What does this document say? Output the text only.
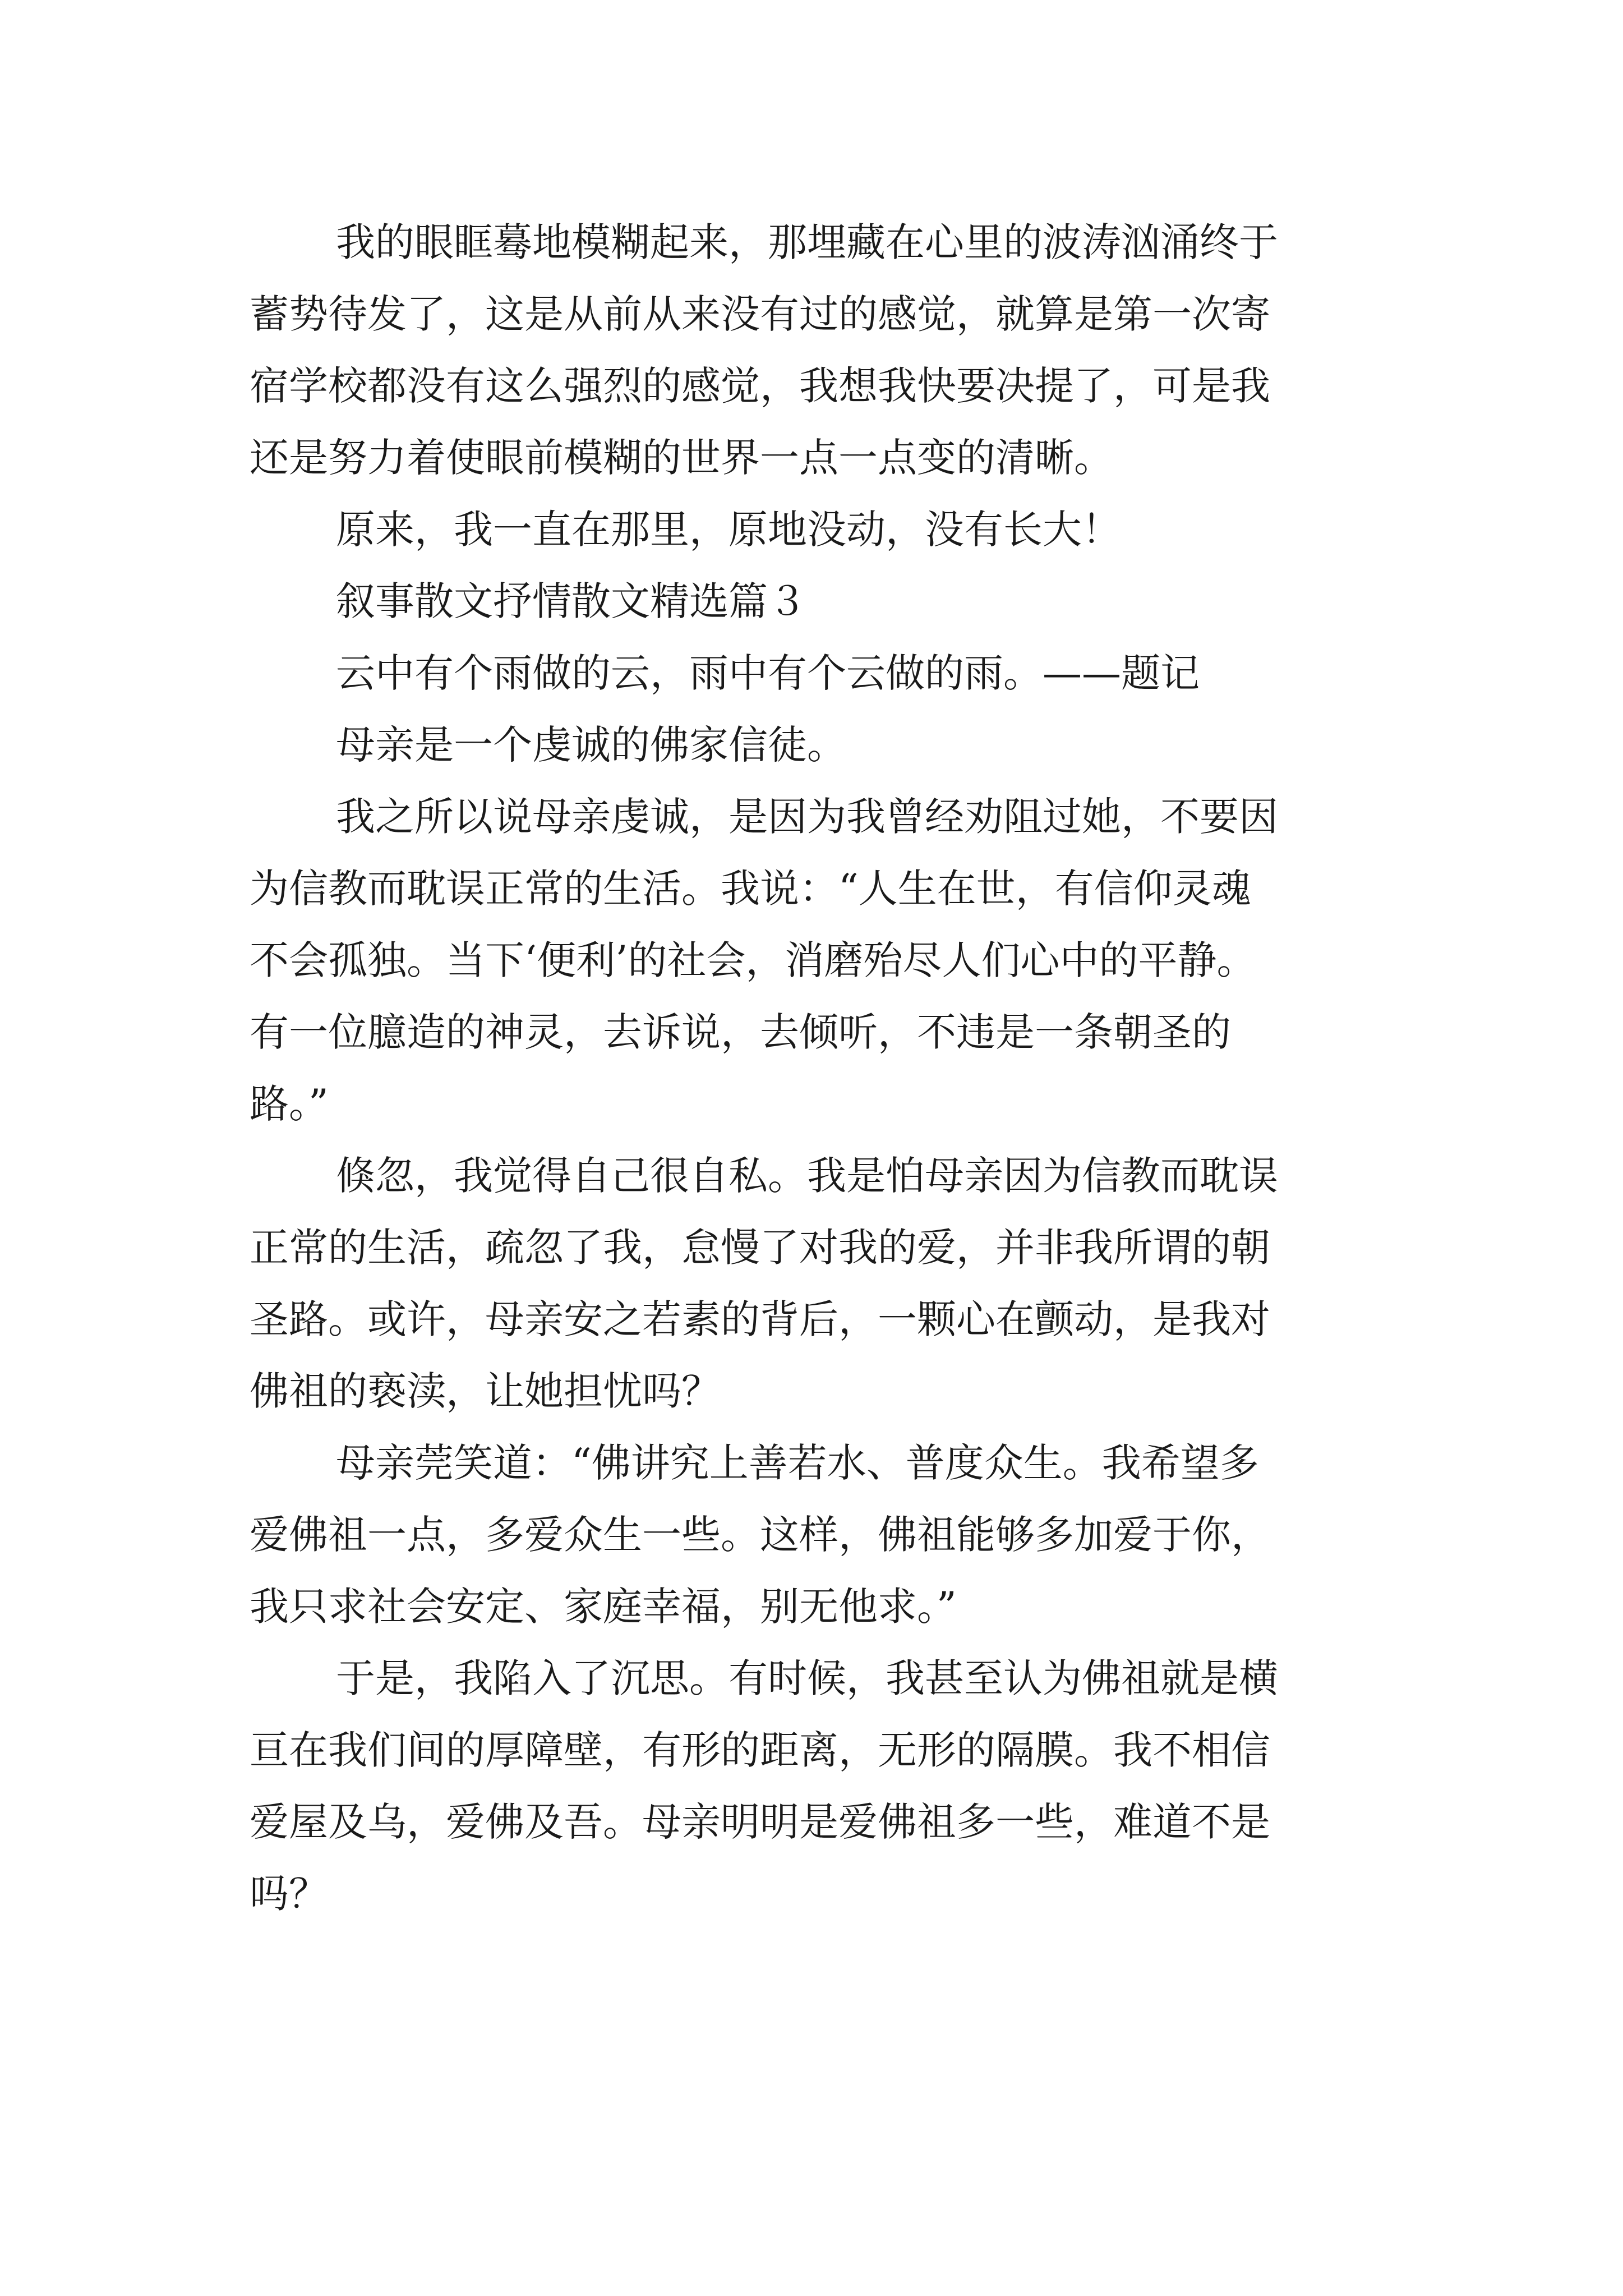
我的眼眶蓦地模糊起来，那埋藏在心里的波涛汹涌终于

蓄势待发了，这是从前从来没有过的感觉，就算是第一次寄

宿学校都没有这么强烈的感觉，我想我快要决提了，可是我

还是努力着使眼前模糊的世界一点一点变的清晰。

原来，我一直在那里，原地没动，没有长大！

叙事散文抒情散文精选篇３

云中有个雨做的云，雨中有个云做的雨。——题记

母亲是一个虔诚的佛家信徒。

我之所以说母亲虔诚，是因为我曾经劝阻过她，不要因

为信教而耽误正常的生活。我说：“人生在世，有信仰灵魂

不会孤独。当下‘便利’的社会，消磨殆尽人们心中的平静。

有一位臆造的神灵，去诉说，去倾听，不违是一条朝圣的

路。”

倏忽，我觉得自己很自私。我是怕母亲因为信教而耽误

正常的生活，疏忽了我，怠慢了对我的爱，并非我所谓的朝

圣路。或许，母亲安之若素的背后，一颗心在颤动，是我对

佛祖的亵渎，让她担忧吗？

母亲莞笑道：“佛讲究上善若水、普度众生。我希望多

爱佛祖一点，多爱众生一些。这样，佛祖能够多加爱于你，

我只求社会安定、家庭幸福，别无他求。”

于是，我陷入了沉思。有时候，我甚至认为佛祖就是横

亘在我们间的厚障壁，有形的距离，无形的隔膜。我不相信

爱屋及乌，爱佛及吾。母亲明明是爱佛祖多一些，难道不是

吗？
